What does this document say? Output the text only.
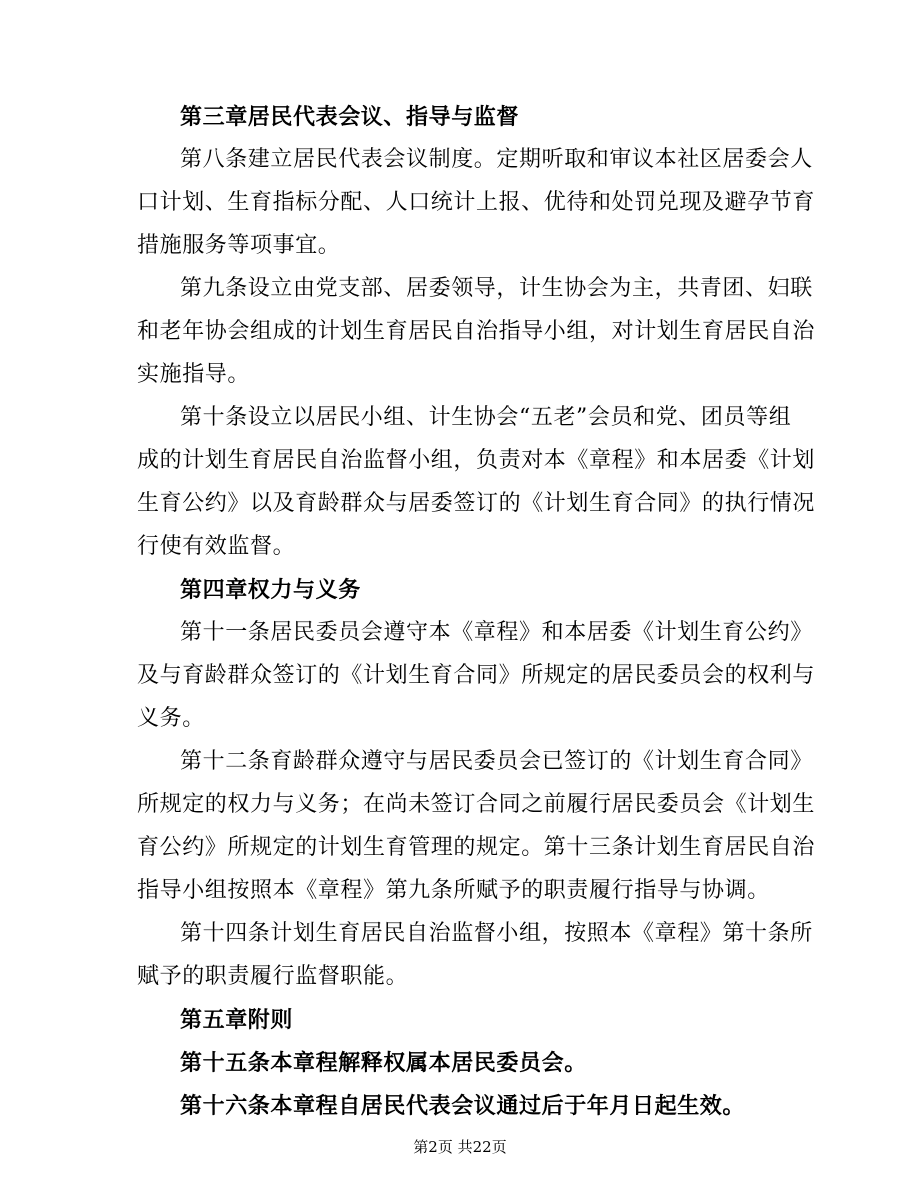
第三章居民代表会议、指导与监督
第八条建立居民代表会议制度。定期听取和审议本社区居委会人
口计划、生育指标分配、人口统计上报、优待和处罚兑现及避孕节育
措施服务等项事宜。
第九条设立由党支部、居委领导，计生协会为主，共青团、妇联
和老年协会组成的计划生育居民自治指导小组，对计划生育居民自治
实施指导。
第十条设立以居民小组、计生协会“五老”会员和党、团员等组
成的计划生育居民自治监督小组，负责对本《章程》和本居委《计划
生育公约》以及育龄群众与居委签订的《计划生育合同》的执行情况
行使有效监督。
第四章权力与义务
第十一条居民委员会遵守本《章程》和本居委《计划生育公约》
及与育龄群众签订的《计划生育合同》所规定的居民委员会的权利与
义务。
第十二条育龄群众遵守与居民委员会已签订的《计划生育合同》
所规定的权力与义务；在尚未签订合同之前履行居民委员会《计划生
育公约》所规定的计划生育管理的规定。第十三条计划生育居民自治
指导小组按照本《章程》第九条所赋予的职责履行指导与协调。
第十四条计划生育居民自治监督小组，按照本《章程》第十条所
赋予的职责履行监督职能。
第五章附则
第十五条本章程解释权属本居民委员会。
第十六条本章程自居民代表会议通过后于年月日起生效。
第2页 共22页
